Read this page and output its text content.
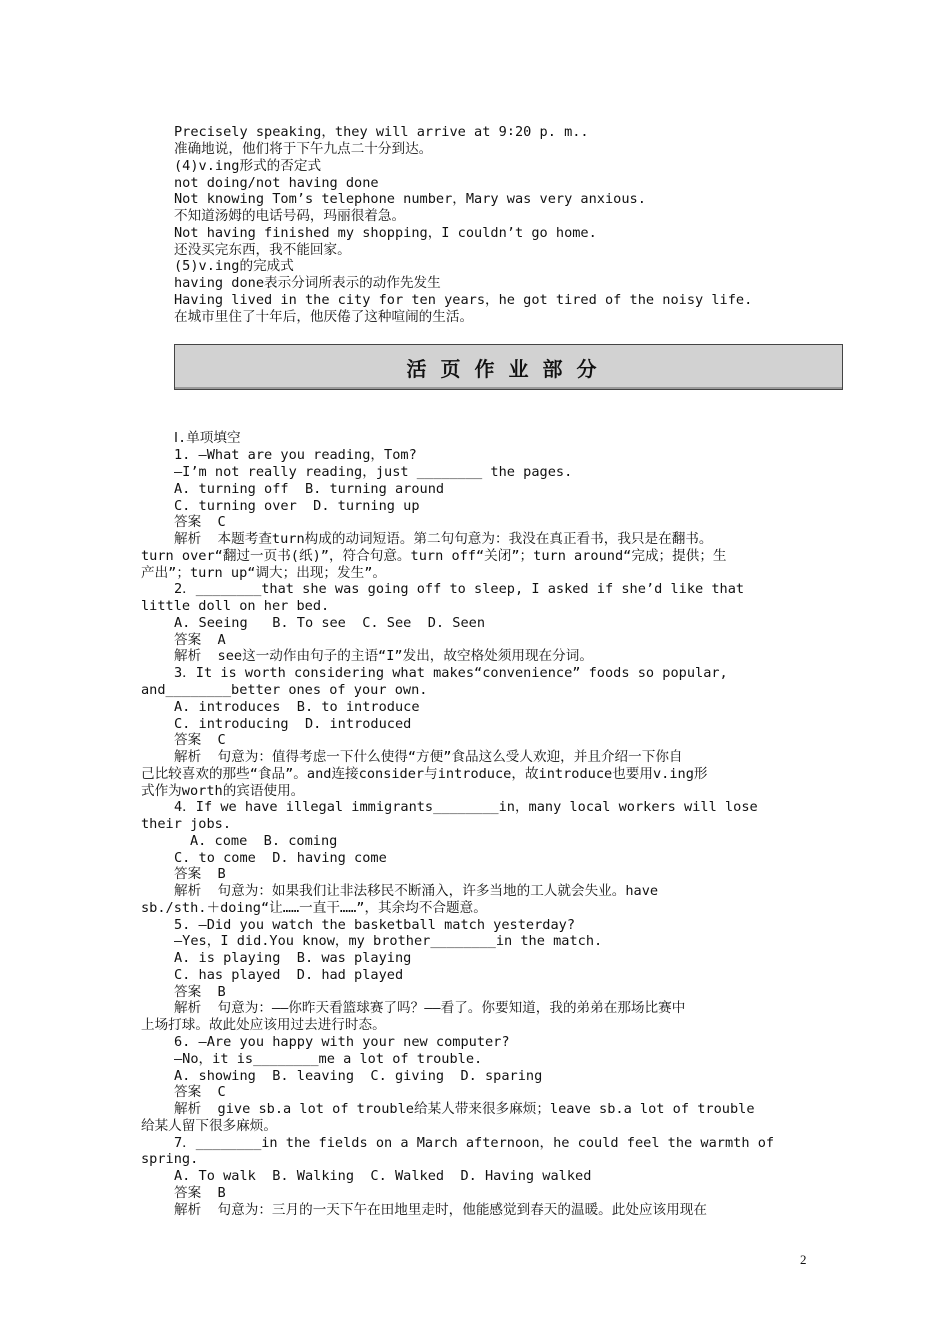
Precisely speaking，they will arrive at 9∶20 p. m..
准确地说，他们将于下午九点二十分到达。
(4)v.ing形式的否定式
not doing/not having done
Not knowing Tom’s telephone number，Mary was very anxious.
不知道汤姆的电话号码，玛丽很着急。
Not having finished my shopping，I couldn’t go home.
还没买完东西，我不能回家。
(5)v.ing的完成式
having done表示分词所表示的动作先发生
Having lived in the city for ten years，he got tired of the noisy life.
在城市里住了十年后，他厌倦了这种喧闹的生活。
活页作业部分
Ⅰ.单项填空
1. —What are you reading，Tom?
—I’m not really reading，just ________ the pages.
A. turning off  B. turning around
C. turning over  D. turning up
答案  C
解析  本题考查turn构成的动词短语。第二句句意为：我没在真正看书，我只是在翻书。
turn over“翻过一页书(纸)”，符合句意。turn off“关闭”；turn around“完成；提供；生
产出”；turn up“调大；出现；发生”。
2．________that she was going off to sleep, I asked if she’d like that
little doll on her bed.
A. Seeing   B. To see  C. See  D. Seen
答案  A
解析  see这一动作由句子的主语“I”发出，故空格处须用现在分词。
3．It is worth considering what makes“convenience” foods so popular,
and________better ones of your own.
A. introduces  B. to introduce
C. introducing  D. introduced
答案  C
解析  句意为：值得考虑一下什么使得“方便”食品这么受人欢迎，并且介绍一下你自
己比较喜欢的那些“食品”。and连接consider与introduce，故introduce也要用v.ing形
式作为worth的宾语使用。
4．If we have illegal immigrants________in，many local workers will lose
their jobs.
A. come  B. coming
C. to come  D. having come
答案  B
解析  句意为：如果我们让非法移民不断涌入，许多当地的工人就会失业。have
sb./sth.＋doing“让……一直干……”，其余均不合题意。
5. —Did you watch the basketball match yesterday?
—Yes，I did.You know，my brother________in the match.
A. is playing  B. was playing
C. has played  D. had played
答案  B
解析  句意为：——你昨天看篮球赛了吗？——看了。你要知道，我的弟弟在那场比赛中
上场打球。故此处应该用过去进行时态。
6. —Are you happy with your new computer?
—No，it is________me a lot of trouble.
A. showing  B. leaving  C. giving  D. sparing
答案  C
解析  give sb.a lot of trouble给某人带来很多麻烦；leave sb.a lot of trouble
给某人留下很多麻烦。
7．________in the fields on a March afternoon，he could feel the warmth of
spring.
A. To walk  B. Walking  C. Walked  D. Having walked
答案  B
解析  句意为：三月的一天下午在田地里走时，他能感觉到春天的温暖。此处应该用现在
2
